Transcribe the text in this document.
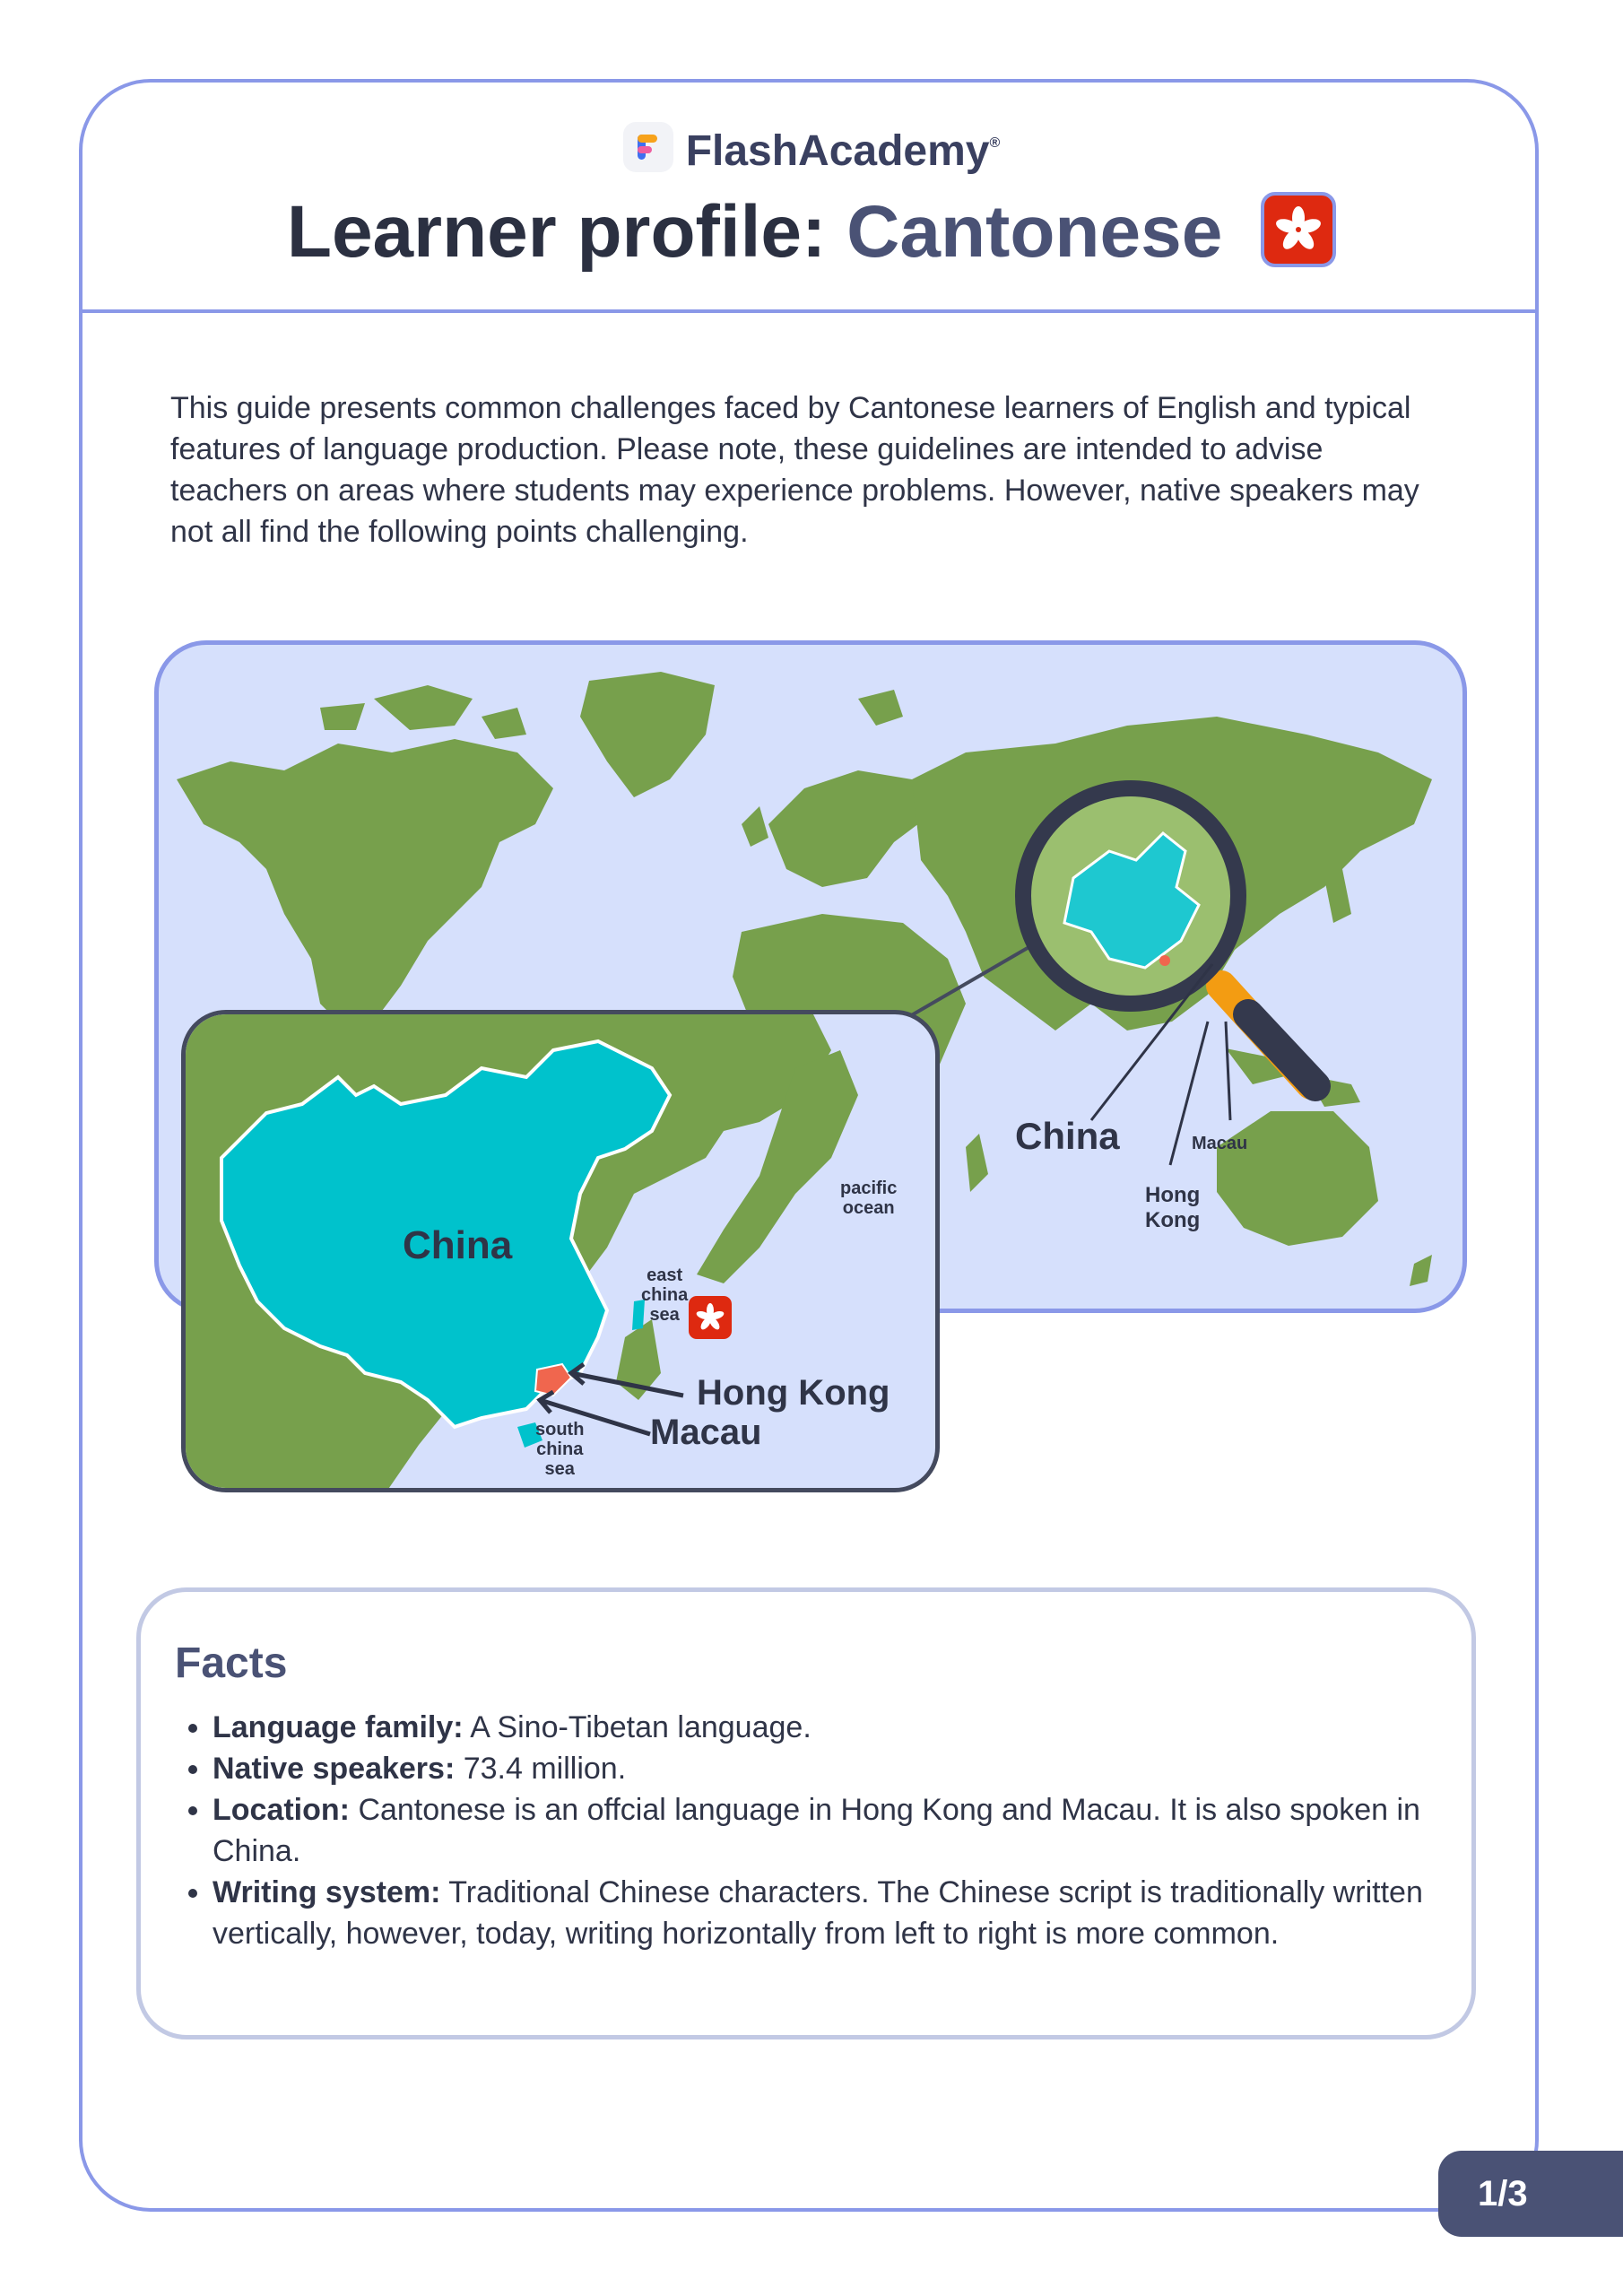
FlashAcademy®
Learner profile: Cantonese

This guide presents common challenges faced by Cantonese learners of English and typical features of language production. Please note, these guidelines are intended to advise teachers on areas where students may experience problems. However, native speakers may not all find the following points challenging.

China	Macau
Hong
Kong
China
pacific
ocean
east
china
sea
south
china
sea
Hong Kong
Macau
Facts
• Language family: A Sino-Tibetan language.
• Native speakers: 73.4 million.
• Location: Cantonese is an offcial language in Hong Kong and Macau. It is also spoken in China.
• Writing system: Traditional Chinese characters. The Chinese script is traditionally written vertically, however, today, writing horizontally from left to right is more common.
1/3
